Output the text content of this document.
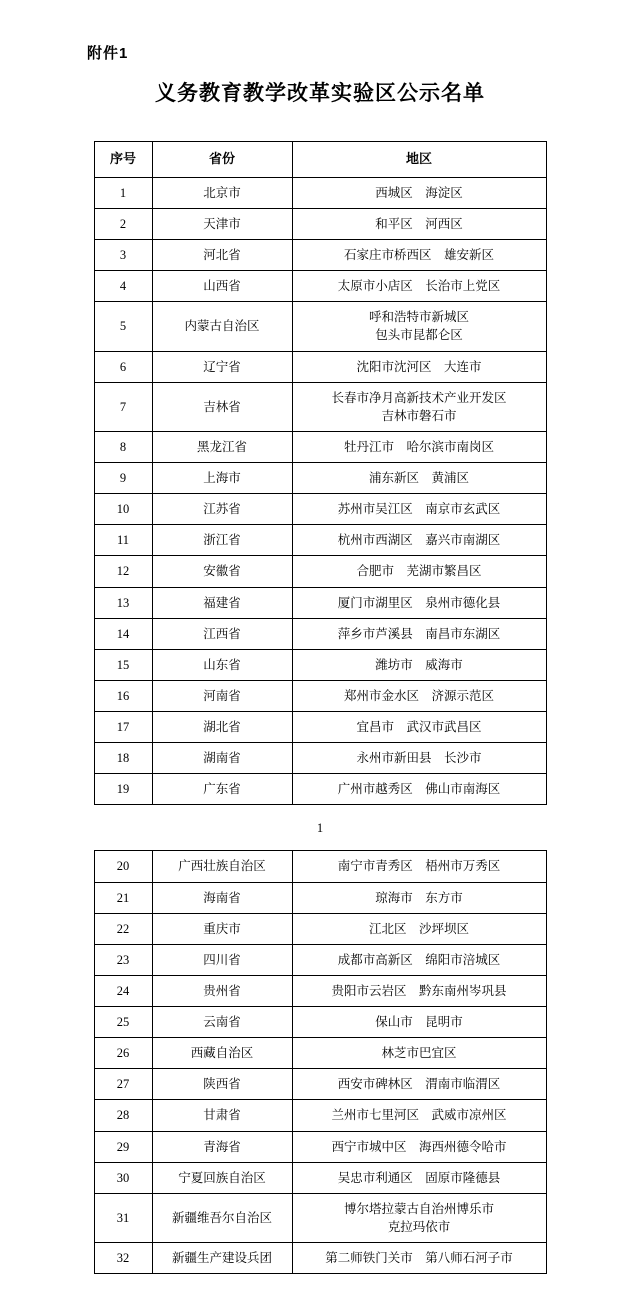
附件1
义务教育教学改革实验区公示名单
序号	省份	地区
1	北京市	西城区　海淀区

2	天津市	和平区　河西区

3	河北省	石家庄市桥西区　雄安新区

4	山西省	太原市小店区　长治市上党区

5	内蒙古自治区	呼和浩特市新城区
包头市昆都仑区

6	辽宁省	沈阳市沈河区　大连市

7	吉林省	长春市净月高新技术产业开发区
吉林市磐石市

8	黑龙江省	牡丹江市　哈尔滨市南岗区

9	上海市	浦东新区　黄浦区

10	江苏省	苏州市吴江区　南京市玄武区

11	浙江省	杭州市西湖区　嘉兴市南湖区

12	安徽省	合肥市　芜湖市繁昌区

13	福建省	厦门市湖里区　泉州市德化县

14	江西省	萍乡市芦溪县　南昌市东湖区

15	山东省	潍坊市　威海市

16	河南省	郑州市金水区　济源示范区

17	湖北省	宜昌市　武汉市武昌区

18	湖南省	永州市新田县　长沙市

19	广东省	广州市越秀区　佛山市南海区
1
20	广西壮族自治区	南宁市青秀区　梧州市万秀区

21	海南省	琼海市　东方市

22	重庆市	江北区　沙坪坝区

23	四川省	成都市高新区　绵阳市涪城区

24	贵州省	贵阳市云岩区　黔东南州岑巩县

25	云南省	保山市　昆明市

26	西藏自治区	林芝市巴宜区

27	陕西省	西安市碑林区　渭南市临渭区

28	甘肃省	兰州市七里河区　武威市凉州区

29	青海省	西宁市城中区　海西州德令哈市

30	宁夏回族自治区	吴忠市利通区　固原市隆德县

31	新疆维吾尔自治区	博尔塔拉蒙古自治州博乐市
克拉玛依市

32	新疆生产建设兵团	第二师铁门关市　第八师石河子市
